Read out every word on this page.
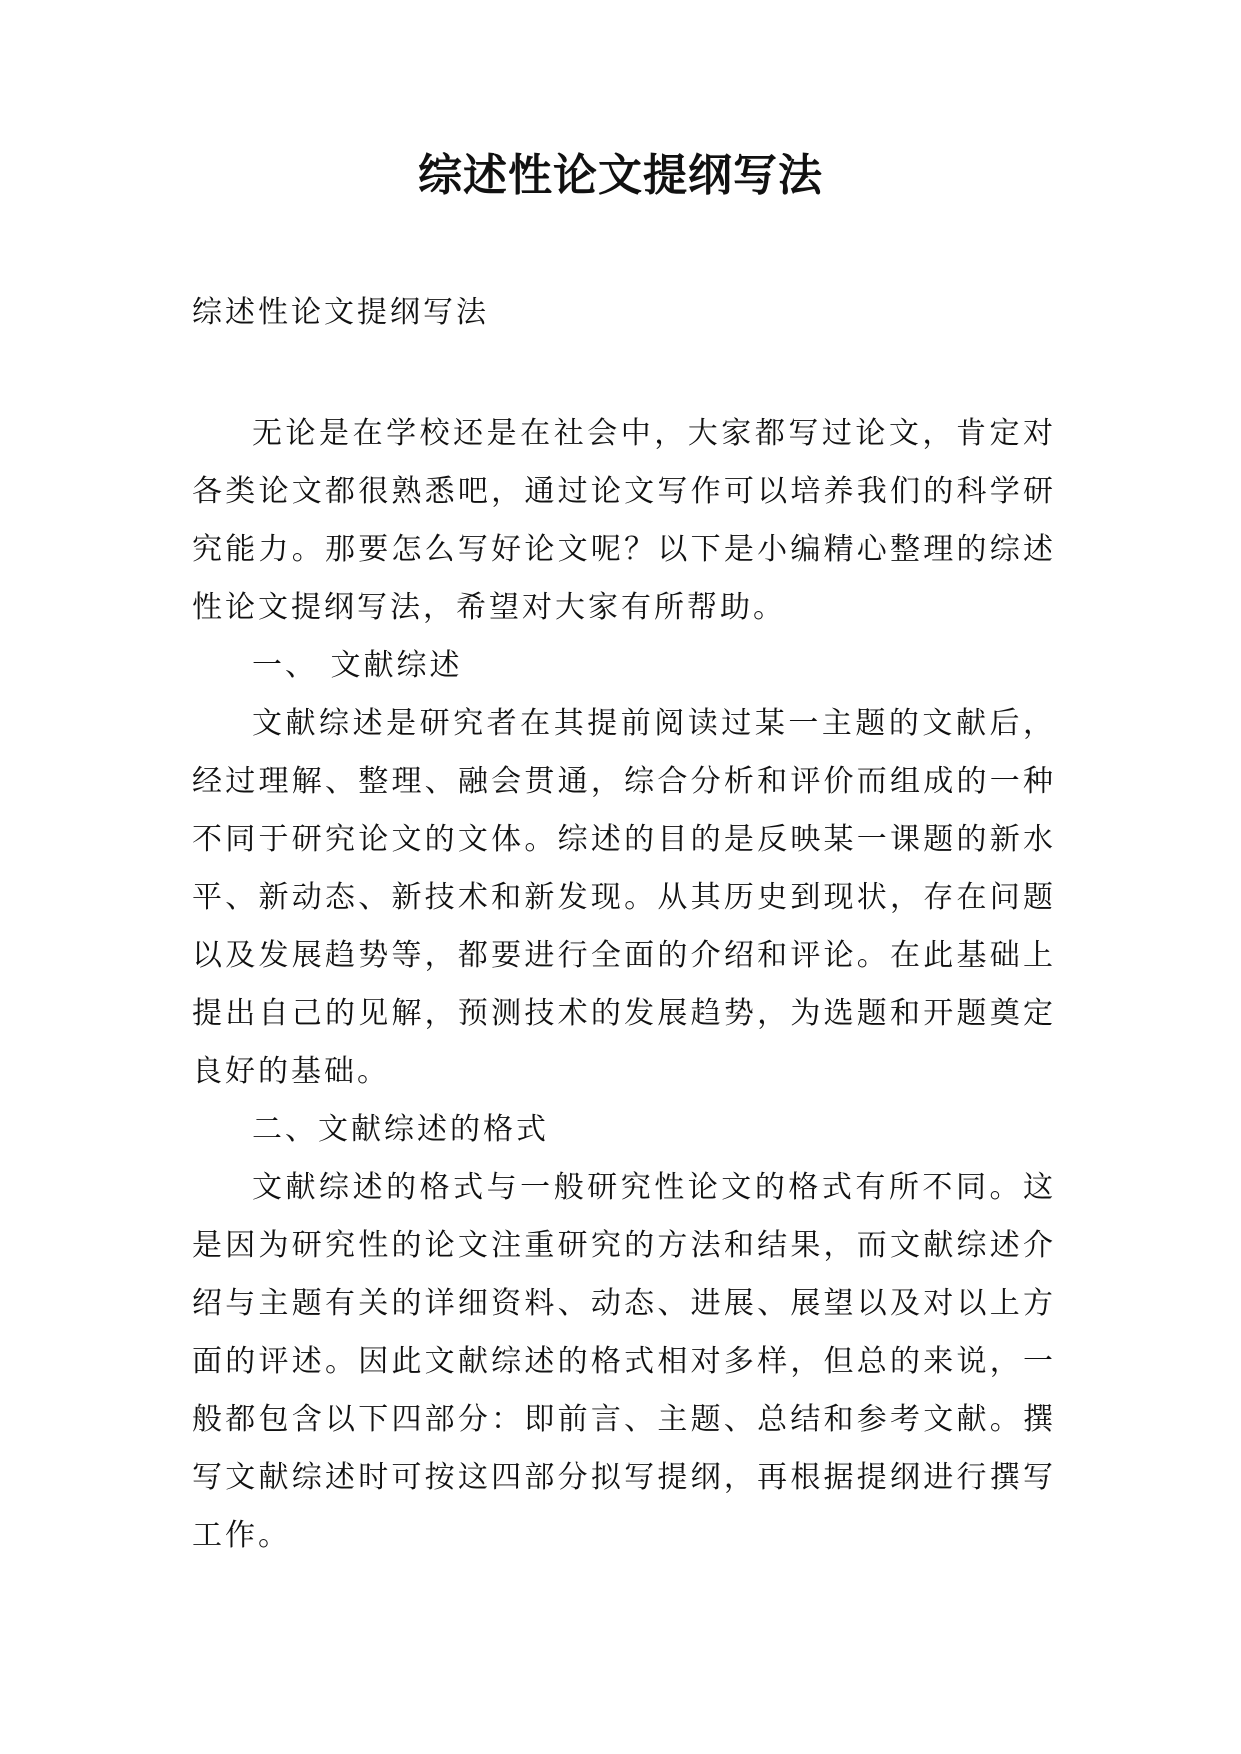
综述性论文提纲写法
综述性论文提纲写法

无论是在学校还是在社会中，大家都写过论文，肯定对各类论文都很熟悉吧，通过论文写作可以培养我们的科学研究能力。那要怎么写好论文呢？以下是小编精心整理的综述性论文提纲写法，希望对大家有所帮助。

一、 文献综述

文献综述是研究者在其提前阅读过某一主题的文献后，经过理解、整理、融会贯通，综合分析和评价而组成的一种不同于研究论文的文体。综述的目的是反映某一课题的新水平、新动态、新技术和新发现。从其历史到现状，存在问题以及发展趋势等，都要进行全面的介绍和评论。在此基础上提出自己的见解，预测技术的发展趋势，为选题和开题奠定良好的基础。

二、文献综述的格式

文献综述的格式与一般研究性论文的格式有所不同。这是因为研究性的论文注重研究的方法和结果，而文献综述介绍与主题有关的详细资料、动态、进展、展望以及对以上方面的评述。因此文献综述的格式相对多样，但总的来说，一般都包含以下四部分：即前言、主题、总结和参考文献。撰写文献综述时可按这四部分拟写提纲，再根据提纲进行撰写工作。
